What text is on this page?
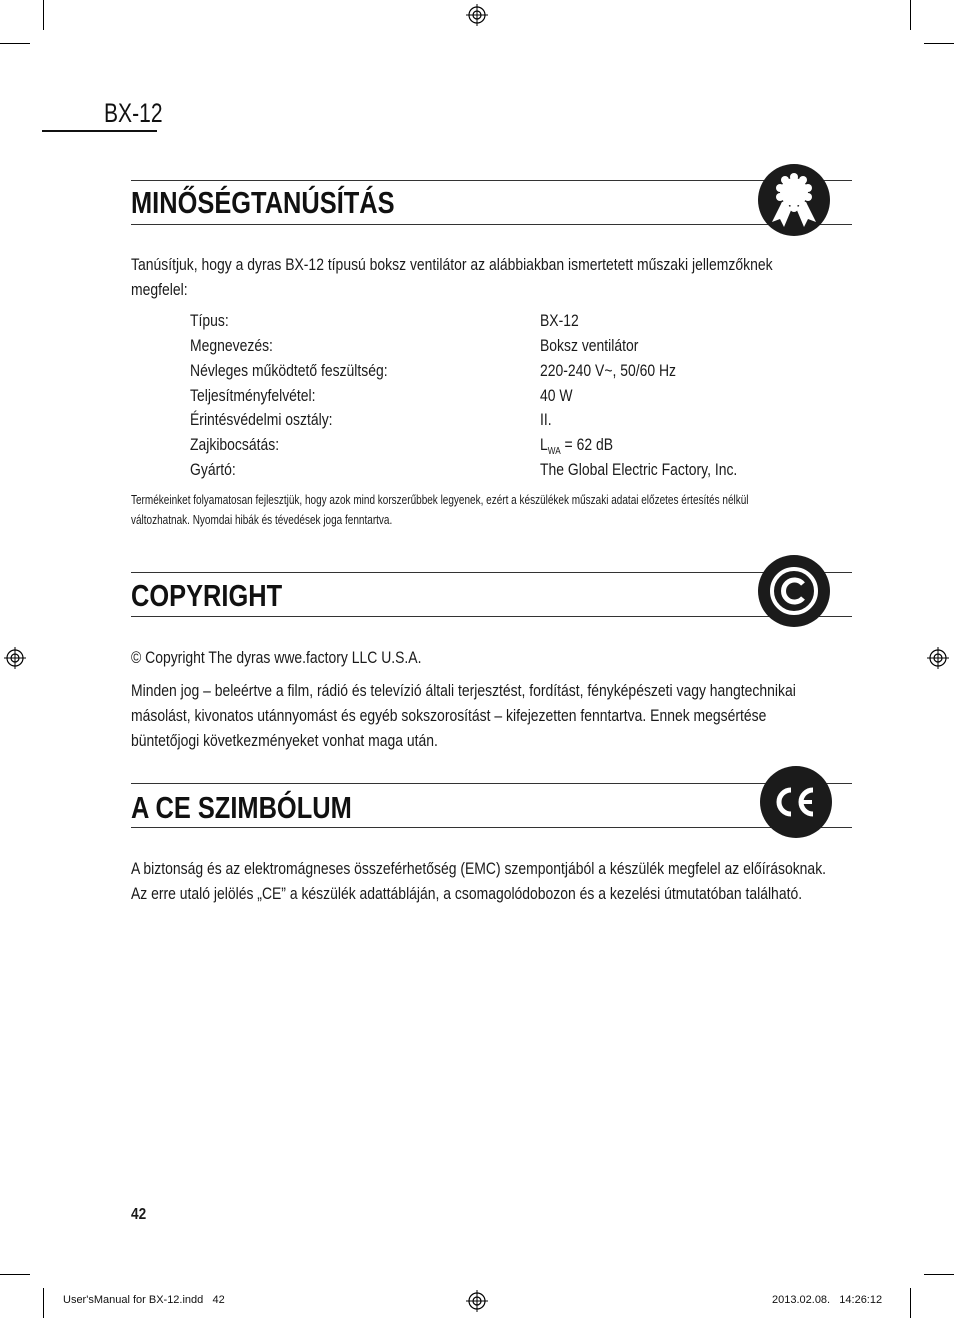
BX-12
MINŐSÉGTANÚSÍTÁS
Tanúsítjuk, hogy a dyras BX-12 típusú boksz ventilátor az alábbiakban ismertetett műszaki jellemzőknek
megfelel:
Típus:	BX-12
Megnevezés:	Boksz ventilátor
Névleges működtető feszültség:	220-240 V~, 50/60 Hz
Teljesítményfelvétel:	40 W
Érintésvédelmi osztály:	II.
Zajkibocsátás:	$L_{WA} = 62$ dB
Gyártó:	The Global Electric Factory, Inc.
Termékeinket folyamatosan fejlesztjük, hogy azok mind korszerűbbek legyenek, ezért a készülékek műszaki adatai előzetes értesítés nélkül
változhatnak. Nyomdai hibák és tévedések joga fenntartva.
COPYRIGHT
© Copyright The dyras wwe.factory LLC U.S.A.
Minden jog – beleértve a film, rádió és televízió általi terjesztést, fordítást, fényképészeti vagy hangtechnikai
másolást, kivonatos utánnyomást és egyéb sokszorosítást – kifejezetten fenntartva. Ennek megsértése
büntetőjogi következményeket vonhat maga után.
A CE SZIMBÓLUM
A biztonság és az elektromágneses összeférhetőség (EMC) szempontjából a készülék megfelel az előírásoknak.
Az erre utaló jelölés „CE” a készülék adattábláján, a csomagolódobozon és a kezelési útmutatóban található.
42
User'sManual for BX-12.indd   42	2013.02.08.   14:26:12
